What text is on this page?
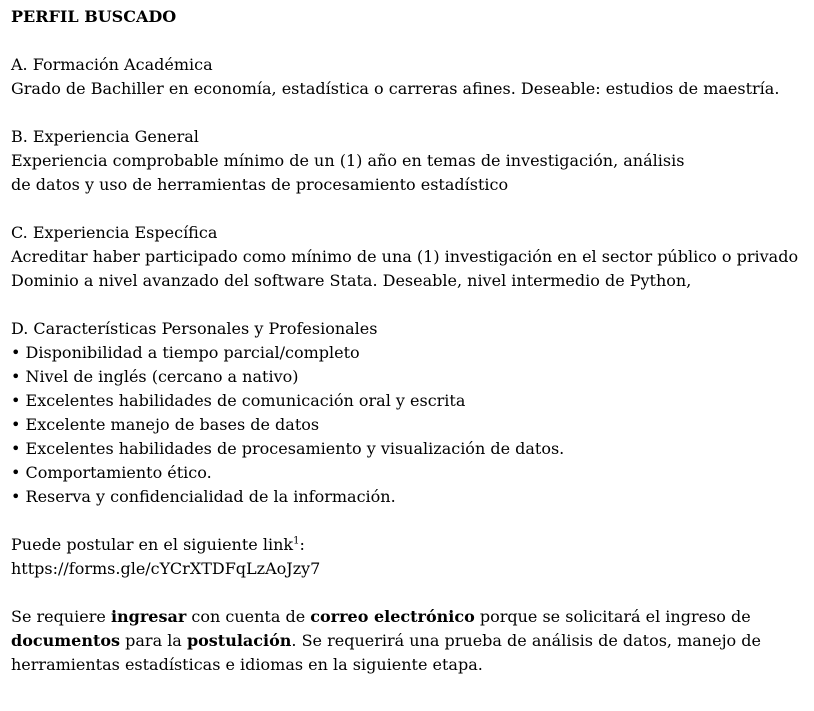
PERFIL BUSCADO
A. Formación Académica
Grado de Bachiller en economía, estadística o carreras afines. Deseable: estudios de maestría.
B. Experiencia General
Experiencia comprobable mínimo de un (1) año en temas de investigación, análisis
de datos y uso de herramientas de procesamiento estadístico
C. Experiencia Específica
Acreditar haber participado como mínimo de una (1) investigación en el sector público o privado
Dominio a nivel avanzado del software Stata. Deseable, nivel intermedio de Python,
D. Características Personales y Profesionales
• Disponibilidad a tiempo parcial/completo
• Nivel de inglés (cercano a nativo)
• Excelentes habilidades de comunicación oral y escrita
• Excelente manejo de bases de datos
• Excelentes habilidades de procesamiento y visualización de datos.
• Comportamiento ético.
• Reserva y confidencialidad de la información.
Puede postular en el siguiente link$^1$:
https://forms.gle/cYCrXTDFqLzAoJzy7

Se requiere ingresar con cuenta de correo electrónico porque se solicitará el ingreso de documentos para la postulación. Se requerirá una prueba de análisis de datos, manejo de herramientas estadísticas e idiomas en la siguiente etapa.
